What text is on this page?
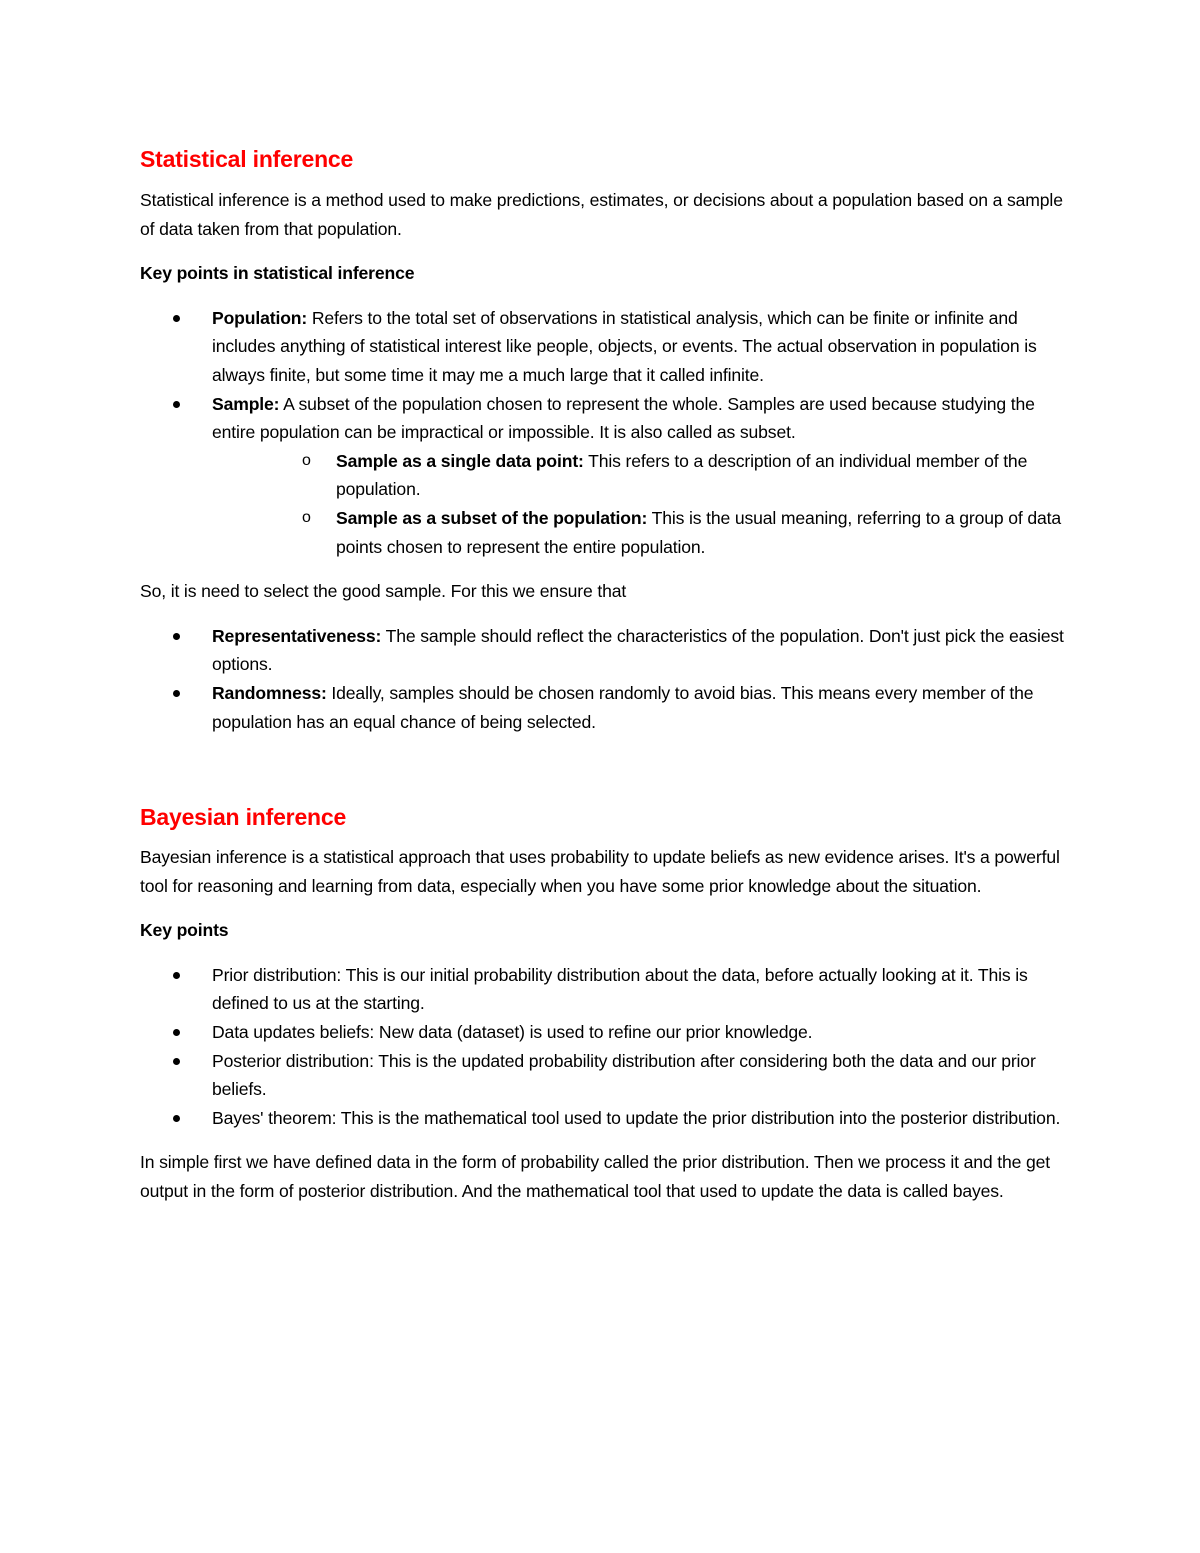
Statistical inference

Statistical inference is a method used to make predictions, estimates, or decisions about a population based on a sample of data taken from that population.

Key points in statistical inference

Population: Refers to the total set of observations in statistical analysis, which can be finite or infinite and includes anything of statistical interest like people, objects, or events. The actual observation in population is always finite, but some time it may me a much large that it called infinite.
Sample: A subset of the population chosen to represent the whole. Samples are used because studying the entire population can be impractical or impossible. It is also called as subset.
o Sample as a single data point: This refers to a description of an individual member of the population.
o Sample as a subset of the population: This is the usual meaning, referring to a group of data points chosen to represent the entire population.

So, it is need to select the good sample. For this we ensure that

Representativeness: The sample should reflect the characteristics of the population. Don't just pick the easiest options.
Randomness: Ideally, samples should be chosen randomly to avoid bias. This means every member of the population has an equal chance of being selected.
Bayesian inference

Bayesian inference is a statistical approach that uses probability to update beliefs as new evidence arises. It's a powerful tool for reasoning and learning from data, especially when you have some prior knowledge about the situation.

Key points

Prior distribution: This is our initial probability distribution about the data, before actually looking at it. This is defined to us at the starting.
Data updates beliefs: New data (dataset) is used to refine our prior knowledge.
Posterior distribution: This is the updated probability distribution after considering both the data and our prior beliefs.
Bayes' theorem: This is the mathematical tool used to update the prior distribution into the posterior distribution.

In simple first we have defined data in the form of probability called the prior distribution. Then we process it and the get output in the form of posterior distribution. And the mathematical tool that used to update the data is called bayes.
